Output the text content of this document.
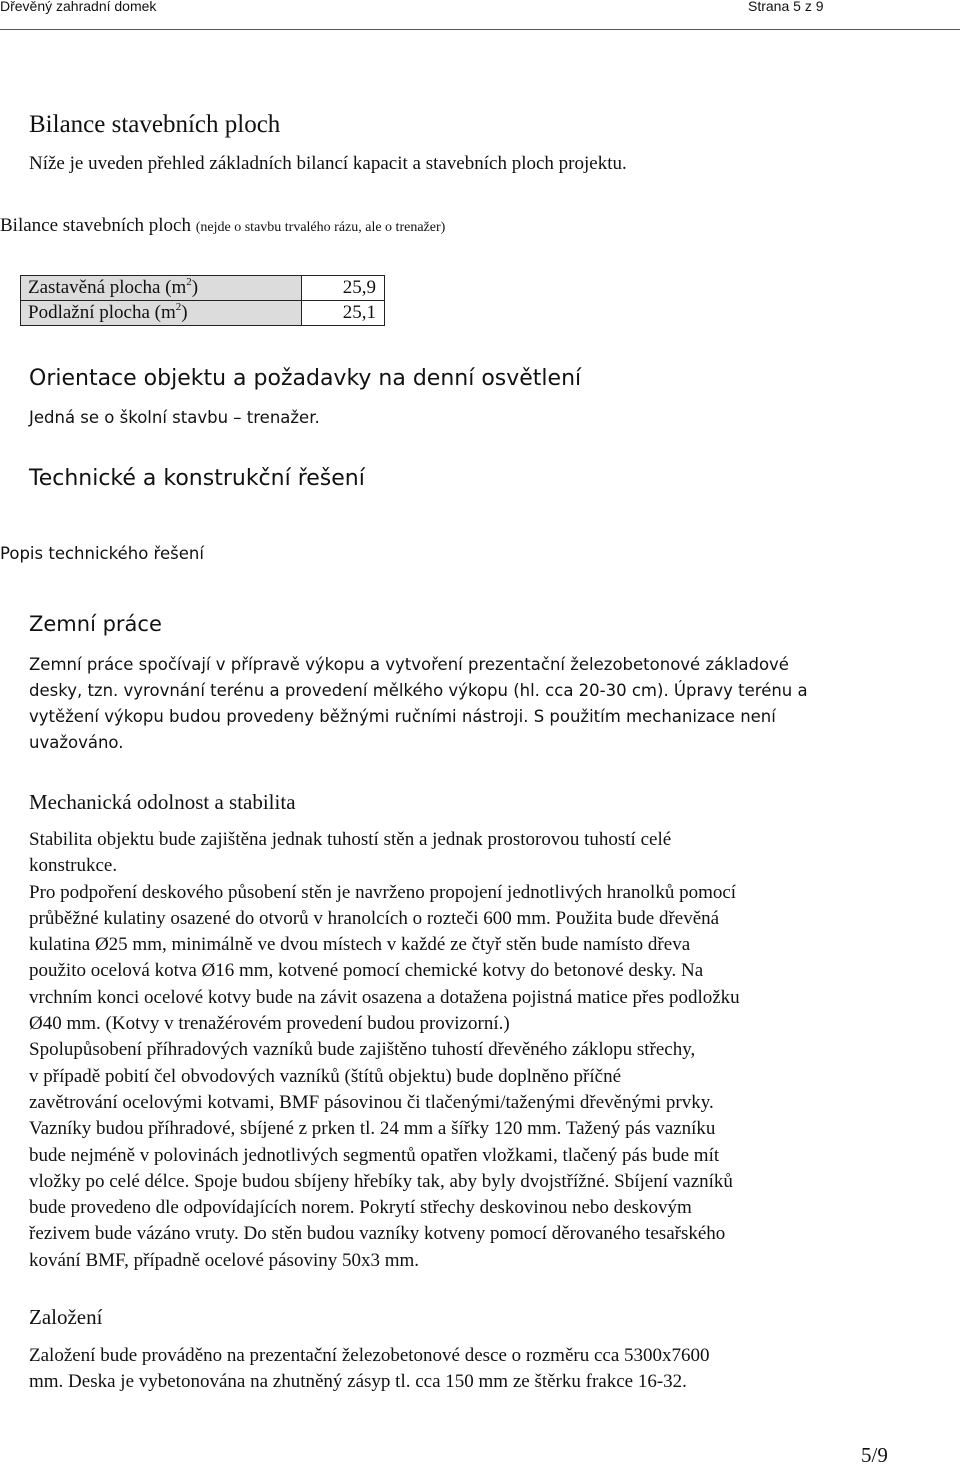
Dřevěný zahradní domek	Strana 5 z 9

Bilance stavebních ploch

Níže je uveden přehled základních bilancí kapacit a stavebních ploch projektu.

Bilance stavebních ploch (nejde o stavbu trvalého rázu, ale o trenažer)

Zastavěná plocha $(m^2)$	25,9
Podlažní plocha $(m^2)$	25,1
Orientace objektu a požadavky na denní osvětlení

Jedná se o školní stavbu – trenažer.

Technické a konstrukční řešení

Popis technického řešení

Zemní práce
Zemní práce spočívají v přípravě výkopu a vytvoření prezentační železobetonové základové
desky, tzn. vyrovnání terénu a provedení mělkého výkopu (hl. cca 20-30 cm). Úpravy terénu a
vytěžení výkopu budou provedeny běžnými ručními nástroji. S použitím mechanizace není
uvažováno.
Mechanická odolnost a stabilita
Stabilita objektu bude zajištěna jednak tuhostí stěn a jednak prostorovou tuhostí celé
konstrukce.
Pro podpoření deskového působení stěn je navrženo propojení jednotlivých hranolků pomocí
průběžné kulatiny osazené do otvorů v hranolcích o rozteči 600 mm. Použita bude dřevěná
kulatina Ø25 mm, minimálně ve dvou místech v každé ze čtyř stěn bude namísto dřeva
použito ocelová kotva Ø16 mm, kotvené pomocí chemické kotvy do betonové desky. Na
vrchním konci ocelové kotvy bude na závit osazena a dotažena pojistná matice přes podložku
Ø40 mm. (Kotvy v trenažérovém provedení budou provizorní.)
Spolupůsobení příhradových vazníků bude zajištěno tuhostí dřevěného záklopu střechy,
v případě pobití čel obvodových vazníků (štítů objektu) bude doplněno příčné
zavětrování ocelovými kotvami, BMF pásovinou či tlačenými/taženými dřevěnými prvky.
Vazníky budou příhradové, sbíjené z prken tl. 24 mm a šířky 120 mm. Tažený pás vazníku
bude nejméně v polovinách jednotlivých segmentů opatřen vložkami, tlačený pás bude mít
vložky po celé délce. Spoje budou sbíjeny hřebíky tak, aby byly dvojstřížné. Sbíjení vazníků
bude provedeno dle odpovídajících norem. Pokrytí střechy deskovinou nebo deskovým
řezivem bude vázáno vruty. Do stěn budou vazníky kotveny pomocí děrovaného tesařského
kování BMF, případně ocelové pásoviny 50x3 mm.
Založení
Založení bude prováděno na prezentační železobetonové desce o rozměru cca 5300x7600
mm. Deska je vybetonována na zhutněný zásyp tl. cca 150 mm ze štěrku frakce 16-32.

5/9
